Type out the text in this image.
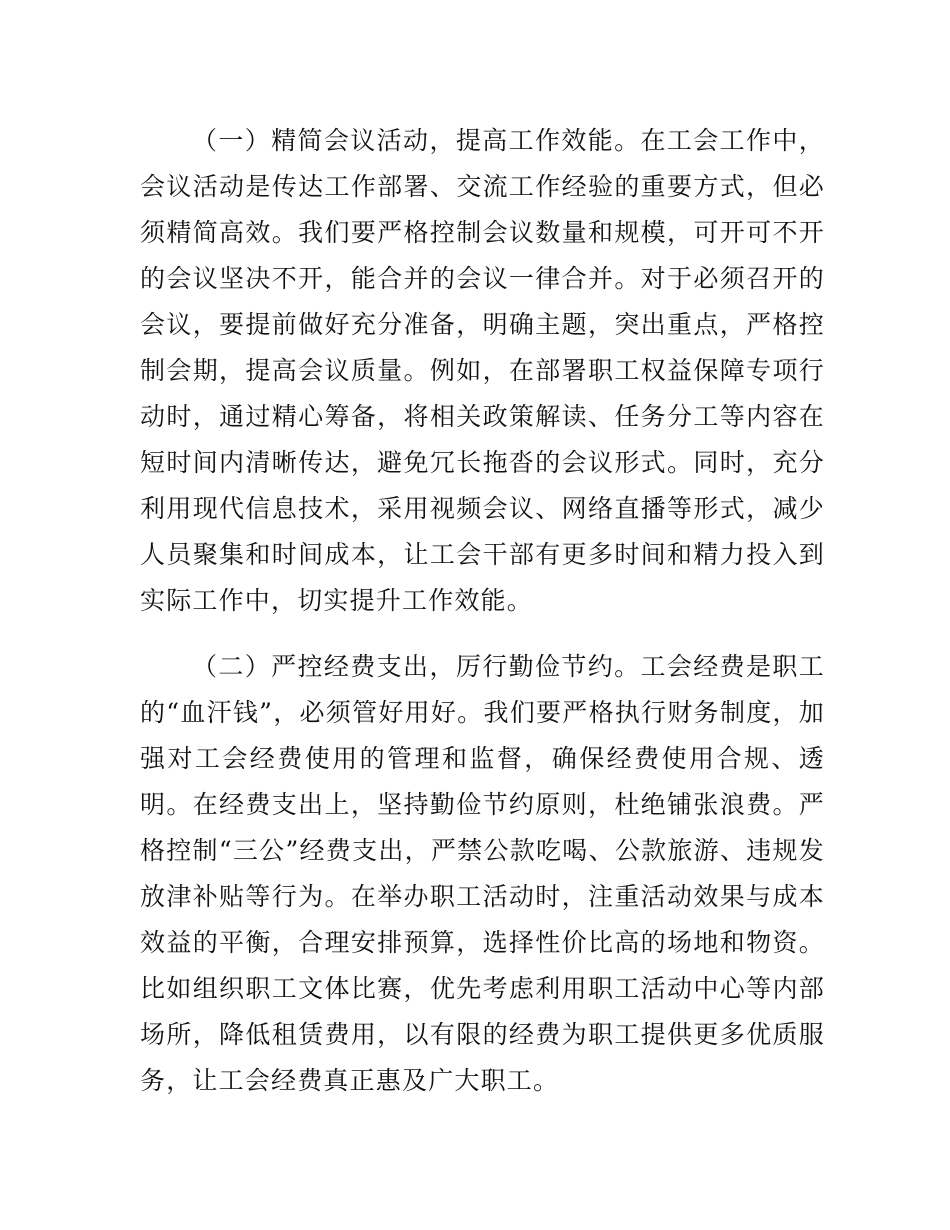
（一）精简会议活动，提高工作效能。在工会工作中，会议活动是传达工作部署、交流工作经验的重要方式，但必须精简高效。我们要严格控制会议数量和规模，可开可不开的会议坚决不开，能合并的会议一律合并。对于必须召开的会议，要提前做好充分准备，明确主题，突出重点，严格控制会期，提高会议质量。例如，在部署职工权益保障专项行动时，通过精心筹备，将相关政策解读、任务分工等内容在短时间内清晰传达，避免冗长拖沓的会议形式。同时，充分利用现代信息技术，采用视频会议、网络直播等形式，减少人员聚集和时间成本，让工会干部有更多时间和精力投入到实际工作中，切实提升工作效能。

（二）严控经费支出，厉行勤俭节约。工会经费是职工的“血汗钱”，必须管好用好。我们要严格执行财务制度，加强对工会经费使用的管理和监督，确保经费使用合规、透明。在经费支出上，坚持勤俭节约原则，杜绝铺张浪费。严格控制“三公”经费支出，严禁公款吃喝、公款旅游、违规发放津补贴等行为。在举办职工活动时，注重活动效果与成本效益的平衡，合理安排预算，选择性价比高的场地和物资。比如组织职工文体比赛，优先考虑利用职工活动中心等内部场所，降低租赁费用，以有限的经费为职工提供更多优质服务，让工会经费真正惠及广大职工。
